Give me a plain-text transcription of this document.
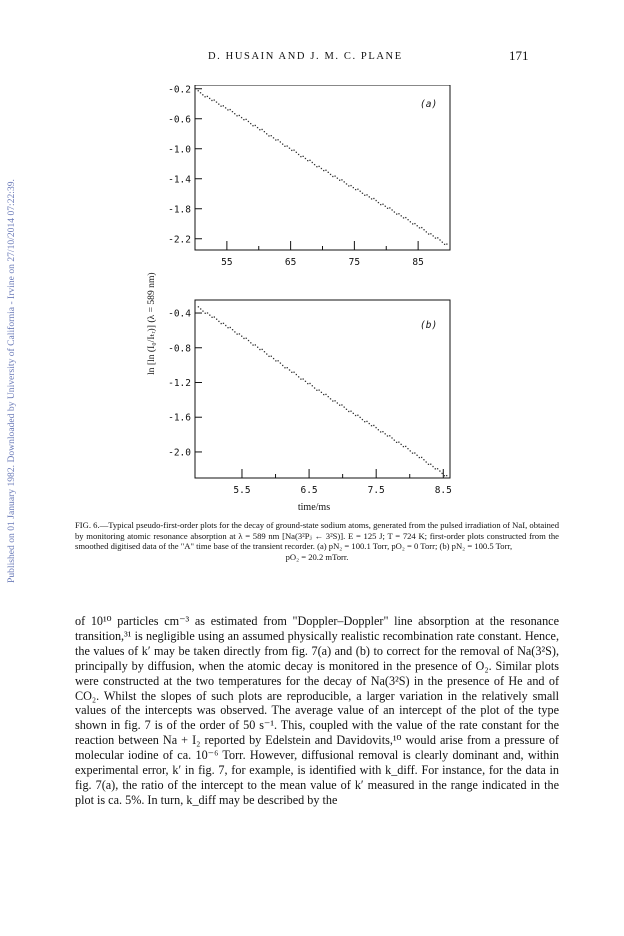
Published on 01 January 1982. Downloaded by University of California - Irvine on 27/10/2014 07:22:39.
D. HUSAIN AND J. M. C. PLANE	171
(a)
-0.2
-0.6
-1.0
-1.4
-1.8
-2.2
55	65	75	85
(b)
-0.4
-0.8
-1.2
-1.6
-2.0
5.5	6.5	7.5	8.5
ln [ln (I₀/Iₜᵣ)] (λ = 589 nm)
time/ms
FIG. 6.—Typical pseudo-first-order plots for the decay of ground-state sodium atoms, generated from the pulsed irradiation of NaI, obtained by monitoring atomic resonance absorption at λ = 589 nm [Na(3²Pⱼ ← 3²S)]. E = 125 J; T = 724 K; first-order plots constructed from the smoothed digitised data of the "A" time base of the transient recorder. (a) pN₂ = 100.1 Torr, pO₂ = 0 Torr; (b) pN₂ = 100.5 Torr,
pO₂ = 20.2 mTorr.

of 10¹⁰ particles cm⁻³ as estimated from "Doppler–Doppler" line absorption at the resonance transition,³¹ is negligible using an assumed physically realistic recombination rate constant. Hence, the values of k′ may be taken directly from fig. 7(a) and (b) to correct for the removal of Na(3²S), principally by diffusion, when the atomic decay is monitored in the presence of O₂. Similar plots were constructed at the two temperatures for the decay of Na(3²S) in the presence of He and of CO₂. Whilst the slopes of such plots are reproducible, a larger variation in the relatively small values of the intercepts was observed. The average value of an intercept of the plot of the type shown in fig. 7 is of the order of 50 s⁻¹. This, coupled with the value of the rate constant for the reaction between Na + I₂ reported by Edelstein and Davidovits,¹⁰ would arise from a pressure of molecular iodine of ca. 10⁻⁶ Torr. However, diffusional removal is clearly dominant and, within experimental error, k′ in fig. 7, for example, is identified with k_diff. For instance, for the data in fig. 7(a), the ratio of the intercept to the mean value of k′ measured in the range indicated in the plot is ca. 5%. In turn, k_diff may be described by the
